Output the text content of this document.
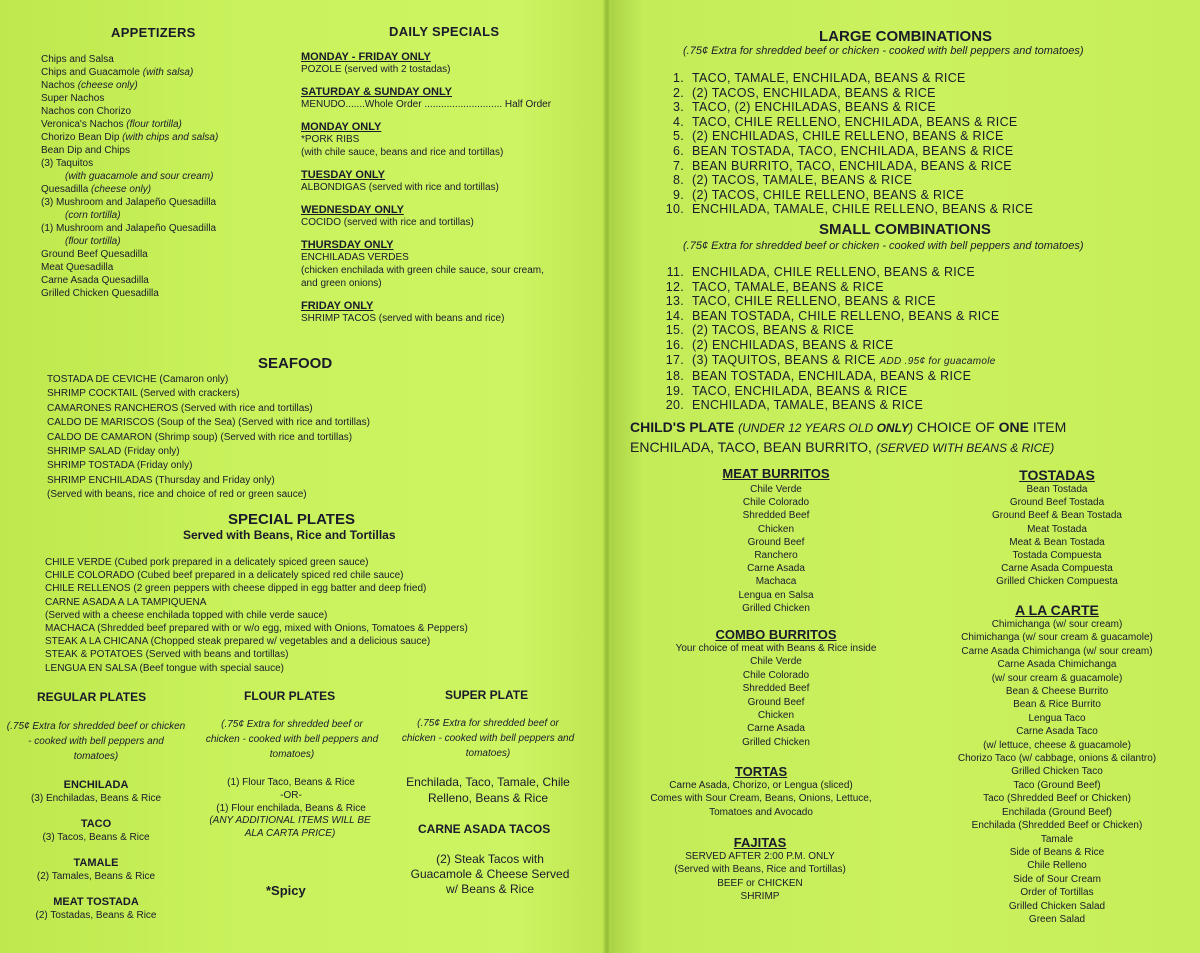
APPETIZERS
Chips and Salsa
Chips and Guacamole (with salsa)
Nachos (cheese only)
Super Nachos
Nachos con Chorizo
Veronica's Nachos (flour tortilla)
Chorizo Bean Dip (with chips and salsa)
Bean Dip and Chips
(3) Taquitos
(with guacamole and sour cream)
Quesadilla (cheese only)
(3) Mushroom and Jalapeño Quesadilla
(corn tortilla)
(1) Mushroom and Jalapeño Quesadilla
(flour tortilla)
Ground Beef Quesadilla
Meat Quesadilla
Carne Asada Quesadilla
Grilled Chicken Quesadilla
DAILY SPECIALS
MONDAY - FRIDAY ONLY
POZOLE (served with 2 tostadas)
SATURDAY & SUNDAY ONLY
MENUDO.......Whole Order ............................ Half Order
MONDAY ONLY
*PORK RIBS
(with chile sauce, beans and rice and tortillas)
TUESDAY ONLY
ALBONDIGAS (served with rice and tortillas)
WEDNESDAY ONLY
COCIDO (served with rice and tortillas)
THURSDAY ONLY
ENCHILADAS VERDES
(chicken enchilada with green chile sauce, sour cream,
and green onions)
FRIDAY ONLY
SHRIMP TACOS (served with beans and rice)
SEAFOOD
TOSTADA DE CEVICHE (Camaron only)
SHRIMP COCKTAIL (Served with crackers)
CAMARONES RANCHEROS (Served with rice and tortillas)
CALDO DE MARISCOS (Soup of the Sea) (Served with rice and tortillas)
CALDO DE CAMARON (Shrimp soup) (Served with rice and tortillas)
SHRIMP SALAD (Friday only)
SHRIMP TOSTADA (Friday only)
SHRIMP ENCHILADAS (Thursday and Friday only)
(Served with beans, rice and choice of red or green sauce)
SPECIAL PLATES
Served with Beans, Rice and Tortillas
CHILE VERDE (Cubed pork prepared in a delicately spiced green sauce)
CHILE COLORADO (Cubed beef prepared in a delicately spiced red chile sauce)
CHILE RELLENOS (2 green peppers with cheese dipped in egg batter and deep fried)
CARNE ASADA A LA TAMPIQUENA
(Served with a cheese enchilada topped with chile verde sauce)
MACHACA (Shredded beef prepared with or w/o egg, mixed with Onions, Tomatoes & Peppers)
STEAK A LA CHICANA (Chopped steak prepared w/ vegetables and a delicious sauce)
STEAK & POTATOES (Served with beans and tortillas)
LENGUA EN SALSA (Beef tongue with special sauce)
REGULAR PLATES
(.75¢ Extra for shredded beef or chicken - cooked with bell peppers and tomatoes)
ENCHILADA
(3) Enchiladas, Beans & Rice
TACO
(3) Tacos, Beans & Rice
TAMALE
(2) Tamales, Beans & Rice
MEAT TOSTADA
(2) Tostadas, Beans & Rice
FLOUR PLATES
(.75¢ Extra for shredded beef or chicken - cooked with bell peppers and tomatoes)
(1) Flour Taco, Beans & Rice
-OR-
(1) Flour enchilada, Beans & Rice
(ANY ADDITIONAL ITEMS WILL BE ALA CARTA PRICE)
*Spicy
SUPER PLATE
(.75¢ Extra for shredded beef or chicken - cooked with bell peppers and tomatoes)
Enchilada, Taco, Tamale, Chile Relleno, Beans & Rice
CARNE ASADA TACOS
(2) Steak Tacos with Guacamole & Cheese Served w/ Beans & Rice
LARGE COMBINATIONS
(.75¢ Extra for shredded beef or chicken - cooked with bell peppers and tomatoes)
1. TACO, TAMALE, ENCHILADA, BEANS & RICE
2. (2) TACOS, ENCHILADA, BEANS & RICE
3. TACO, (2) ENCHILADAS, BEANS & RICE
4. TACO, CHILE RELLENO, ENCHILADA, BEANS & RICE
5. (2) ENCHILADAS, CHILE RELLENO, BEANS & RICE
6. BEAN TOSTADA, TACO, ENCHILADA, BEANS & RICE
7. BEAN BURRITO, TACO, ENCHILADA, BEANS & RICE
8. (2) TACOS, TAMALE, BEANS & RICE
9. (2) TACOS, CHILE RELLENO, BEANS & RICE
10. ENCHILADA, TAMALE, CHILE RELLENO, BEANS & RICE
SMALL COMBINATIONS
(.75¢ Extra for shredded beef or chicken - cooked with bell peppers and tomatoes)
11. ENCHILADA, CHILE RELLENO, BEANS & RICE
12. TACO, TAMALE, BEANS & RICE
13. TACO, CHILE RELLENO, BEANS & RICE
14. BEAN TOSTADA, CHILE RELLENO, BEANS & RICE
15. (2) TACOS, BEANS & RICE
16. (2) ENCHILADAS, BEANS & RICE
17. (3) TAQUITOS, BEANS & RICE ADD .95¢ for guacamole
18. BEAN TOSTADA, ENCHILADA, BEANS & RICE
19. TACO, ENCHILADA, BEANS & RICE
20. ENCHILADA, TAMALE, BEANS & RICE
CHILD'S PLATE (UNDER 12 YEARS OLD ONLY) CHOICE OF ONE ITEM
ENCHILADA, TACO, BEAN BURRITO, (SERVED WITH BEANS & RICE)
MEAT BURRITOS
Chile Verde
Chile Colorado
Shredded Beef
Chicken
Ground Beef
Ranchero
Carne Asada
Machaca
Lengua en Salsa
Grilled Chicken
COMBO BURRITOS
Your choice of meat with Beans & Rice inside
Chile Verde
Chile Colorado
Shredded Beef
Ground Beef
Chicken
Carne Asada
Grilled Chicken
TORTAS
Carne Asada, Chorizo, or Lengua (sliced)
Comes with Sour Cream, Beans, Onions, Lettuce,
Tomatoes and Avocado
FAJITAS
SERVED AFTER 2:00 P.M. ONLY
(Served with Beans, Rice and Tortillas)
BEEF or CHICKEN
SHRIMP
TOSTADAS
Bean Tostada
Ground Beef Tostada
Ground Beef & Bean Tostada
Meat Tostada
Meat & Bean Tostada
Tostada Compuesta
Carne Asada Compuesta
Grilled Chicken Compuesta
A LA CARTE
Chimichanga (w/ sour cream)
Chimichanga (w/ sour cream & guacamole)
Carne Asada Chimichanga (w/ sour cream)
Carne Asada Chimichanga
(w/ sour cream & guacamole)
Bean & Cheese Burrito
Bean & Rice Burrito
Lengua Taco
Carne Asada Taco
(w/ lettuce, cheese & guacamole)
Chorizo Taco (w/ cabbage, onions & cilantro)
Grilled Chicken Taco
Taco (Ground Beef)
Taco (Shredded Beef or Chicken)
Enchilada (Ground Beef)
Enchilada (Shredded Beef or Chicken)
Tamale
Side of Beans & Rice
Chile Relleno
Side of Sour Cream
Order of Tortillas
Grilled Chicken Salad
Green Salad
